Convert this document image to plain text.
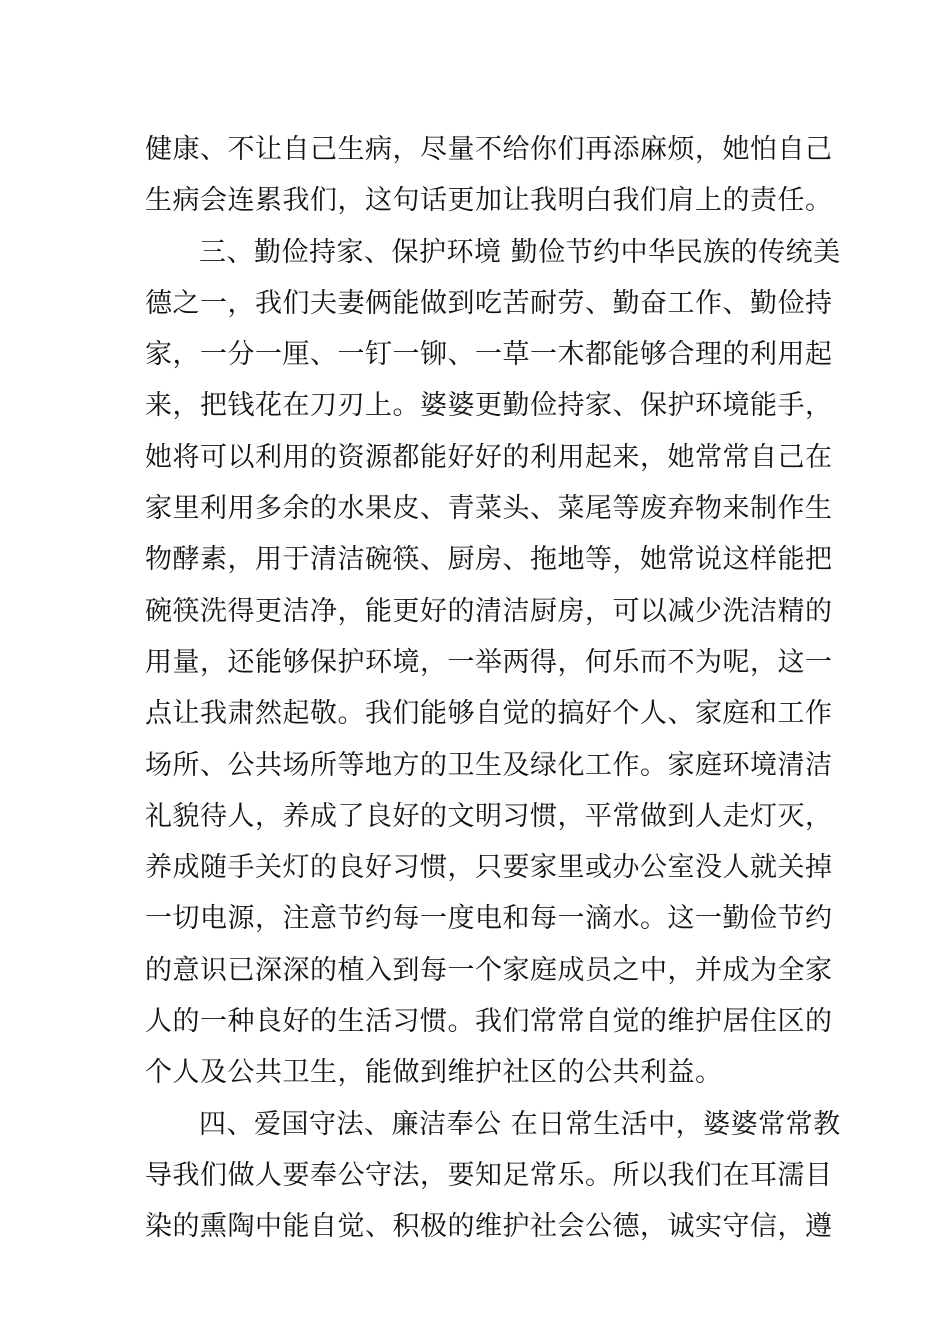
健康、不让自己生病，尽量不给你们再添麻烦，她怕自己
生病会连累我们，这句话更加让我明白我们肩上的责任。
三、勤俭持家、保护环境 勤俭节约中华民族的传统美
德之一，我们夫妻俩能做到吃苦耐劳、勤奋工作、勤俭持
家，一分一厘、一钉一铆、一草一木都能够合理的利用起
来，把钱花在刀刃上。婆婆更勤俭持家、保护环境能手，
她将可以利用的资源都能好好的利用起来，她常常自己在
家里利用多余的水果皮、青菜头、菜尾等废弃物来制作生
物酵素，用于清洁碗筷、厨房、拖地等，她常说这样能把
碗筷洗得更洁净，能更好的清洁厨房，可以减少洗洁精的
用量，还能够保护环境，一举两得，何乐而不为呢，这一
点让我肃然起敬。我们能够自觉的搞好个人、家庭和工作
场所、公共场所等地方的卫生及绿化工作。家庭环境清洁
礼貌待人，养成了良好的文明习惯，平常做到人走灯灭，
养成随手关灯的良好习惯，只要家里或办公室没人就关掉
一切电源，注意节约每一度电和每一滴水。这一勤俭节约
的意识已深深的植入到每一个家庭成员之中，并成为全家
人的一种良好的生活习惯。我们常常自觉的维护居住区的
个人及公共卫生，能做到维护社区的公共利益。
四、爱国守法、廉洁奉公 在日常生活中，婆婆常常教
导我们做人要奉公守法，要知足常乐。所以我们在耳濡目
染的熏陶中能自觉、积极的维护社会公德，诚实守信，遵
